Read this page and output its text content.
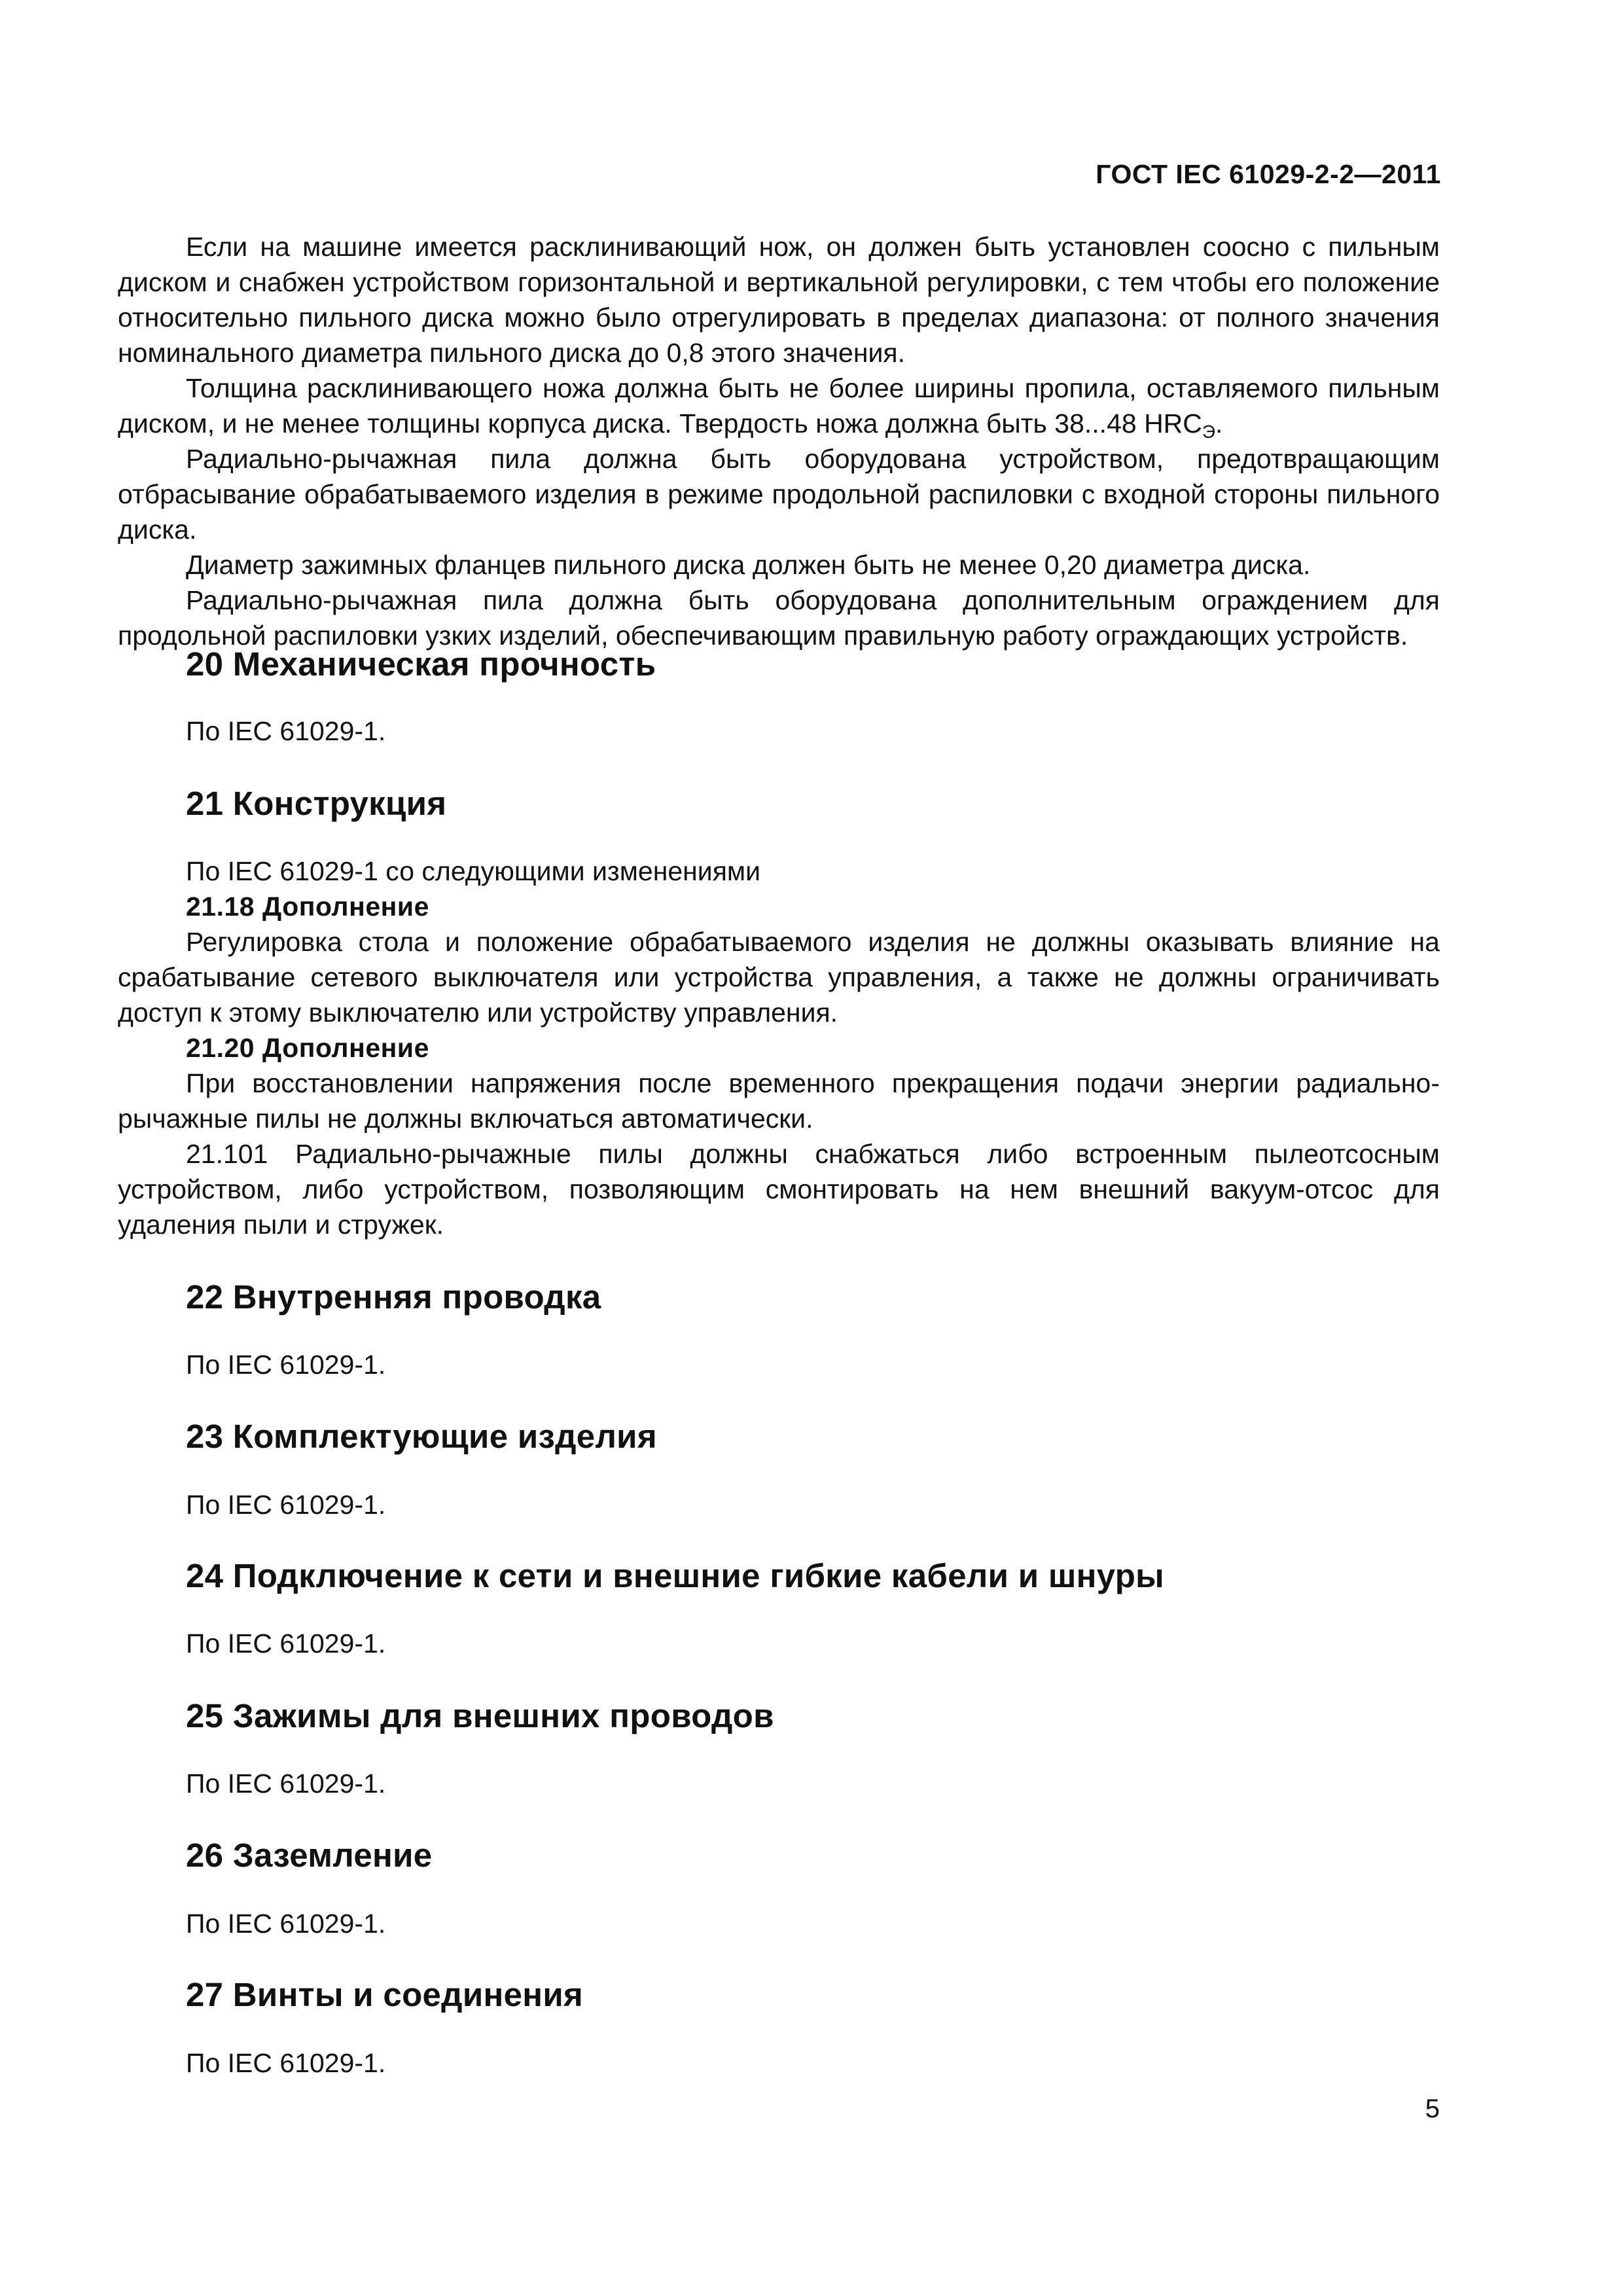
ГОСТ IEC 61029-2-2—2011

Если на машине имеется расклинивающий нож, он должен быть установлен соосно с пильным диском и снабжен устройством горизонтальной и вертикальной регулировки, с тем чтобы его положение относительно пильного диска можно было отрегулировать в пределах диапазона: от полного значения номинального диаметра пильного диска до 0,8 этого значения.

Толщина расклинивающего ножа должна быть не более ширины пропила, оставляемого пильным диском, и не менее толщины корпуса диска. Твердость ножа должна быть 38...48 $HRC_Э$.

Радиально-рычажная пила должна быть оборудована устройством, предотвращающим отбрасывание обрабатываемого изделия в режиме продольной распиловки с входной стороны пильного диска.

Диаметр зажимных фланцев пильного диска должен быть не менее 0,20 диаметра диска.

Радиально-рычажная пила должна быть оборудована дополнительным ограждением для продольной распиловки узких изделий, обеспечивающим правильную работу ограждающих устройств.

20 Механическая прочность

По IEC 61029-1.

21 Конструкция

По IEC 61029-1 со следующими изменениями

21.18 Дополнение

Регулировка стола и положение обрабатываемого изделия не должны оказывать влияние на срабатывание сетевого выключателя или устройства управления, а также не должны ограничивать доступ к этому выключателю или устройству управления.

21.20 Дополнение

При восстановлении напряжения после временного прекращения подачи энергии радиально-рычажные пилы не должны включаться автоматически.

21.101 Радиально-рычажные пилы должны снабжаться либо встроенным пылеотсосным устройством, либо устройством, позволяющим смонтировать на нем внешний вакуум-отсос для удаления пыли и стружек.

22 Внутренняя проводка

По IEC 61029-1.

23 Комплектующие изделия

По IEC 61029-1.

24 Подключение к сети и внешние гибкие кабели и шнуры

По IEC 61029-1.

25 Зажимы для внешних проводов

По IEC 61029-1.

26 Заземление

По IEC 61029-1.

27 Винты и соединения

По IEC 61029-1.

5
